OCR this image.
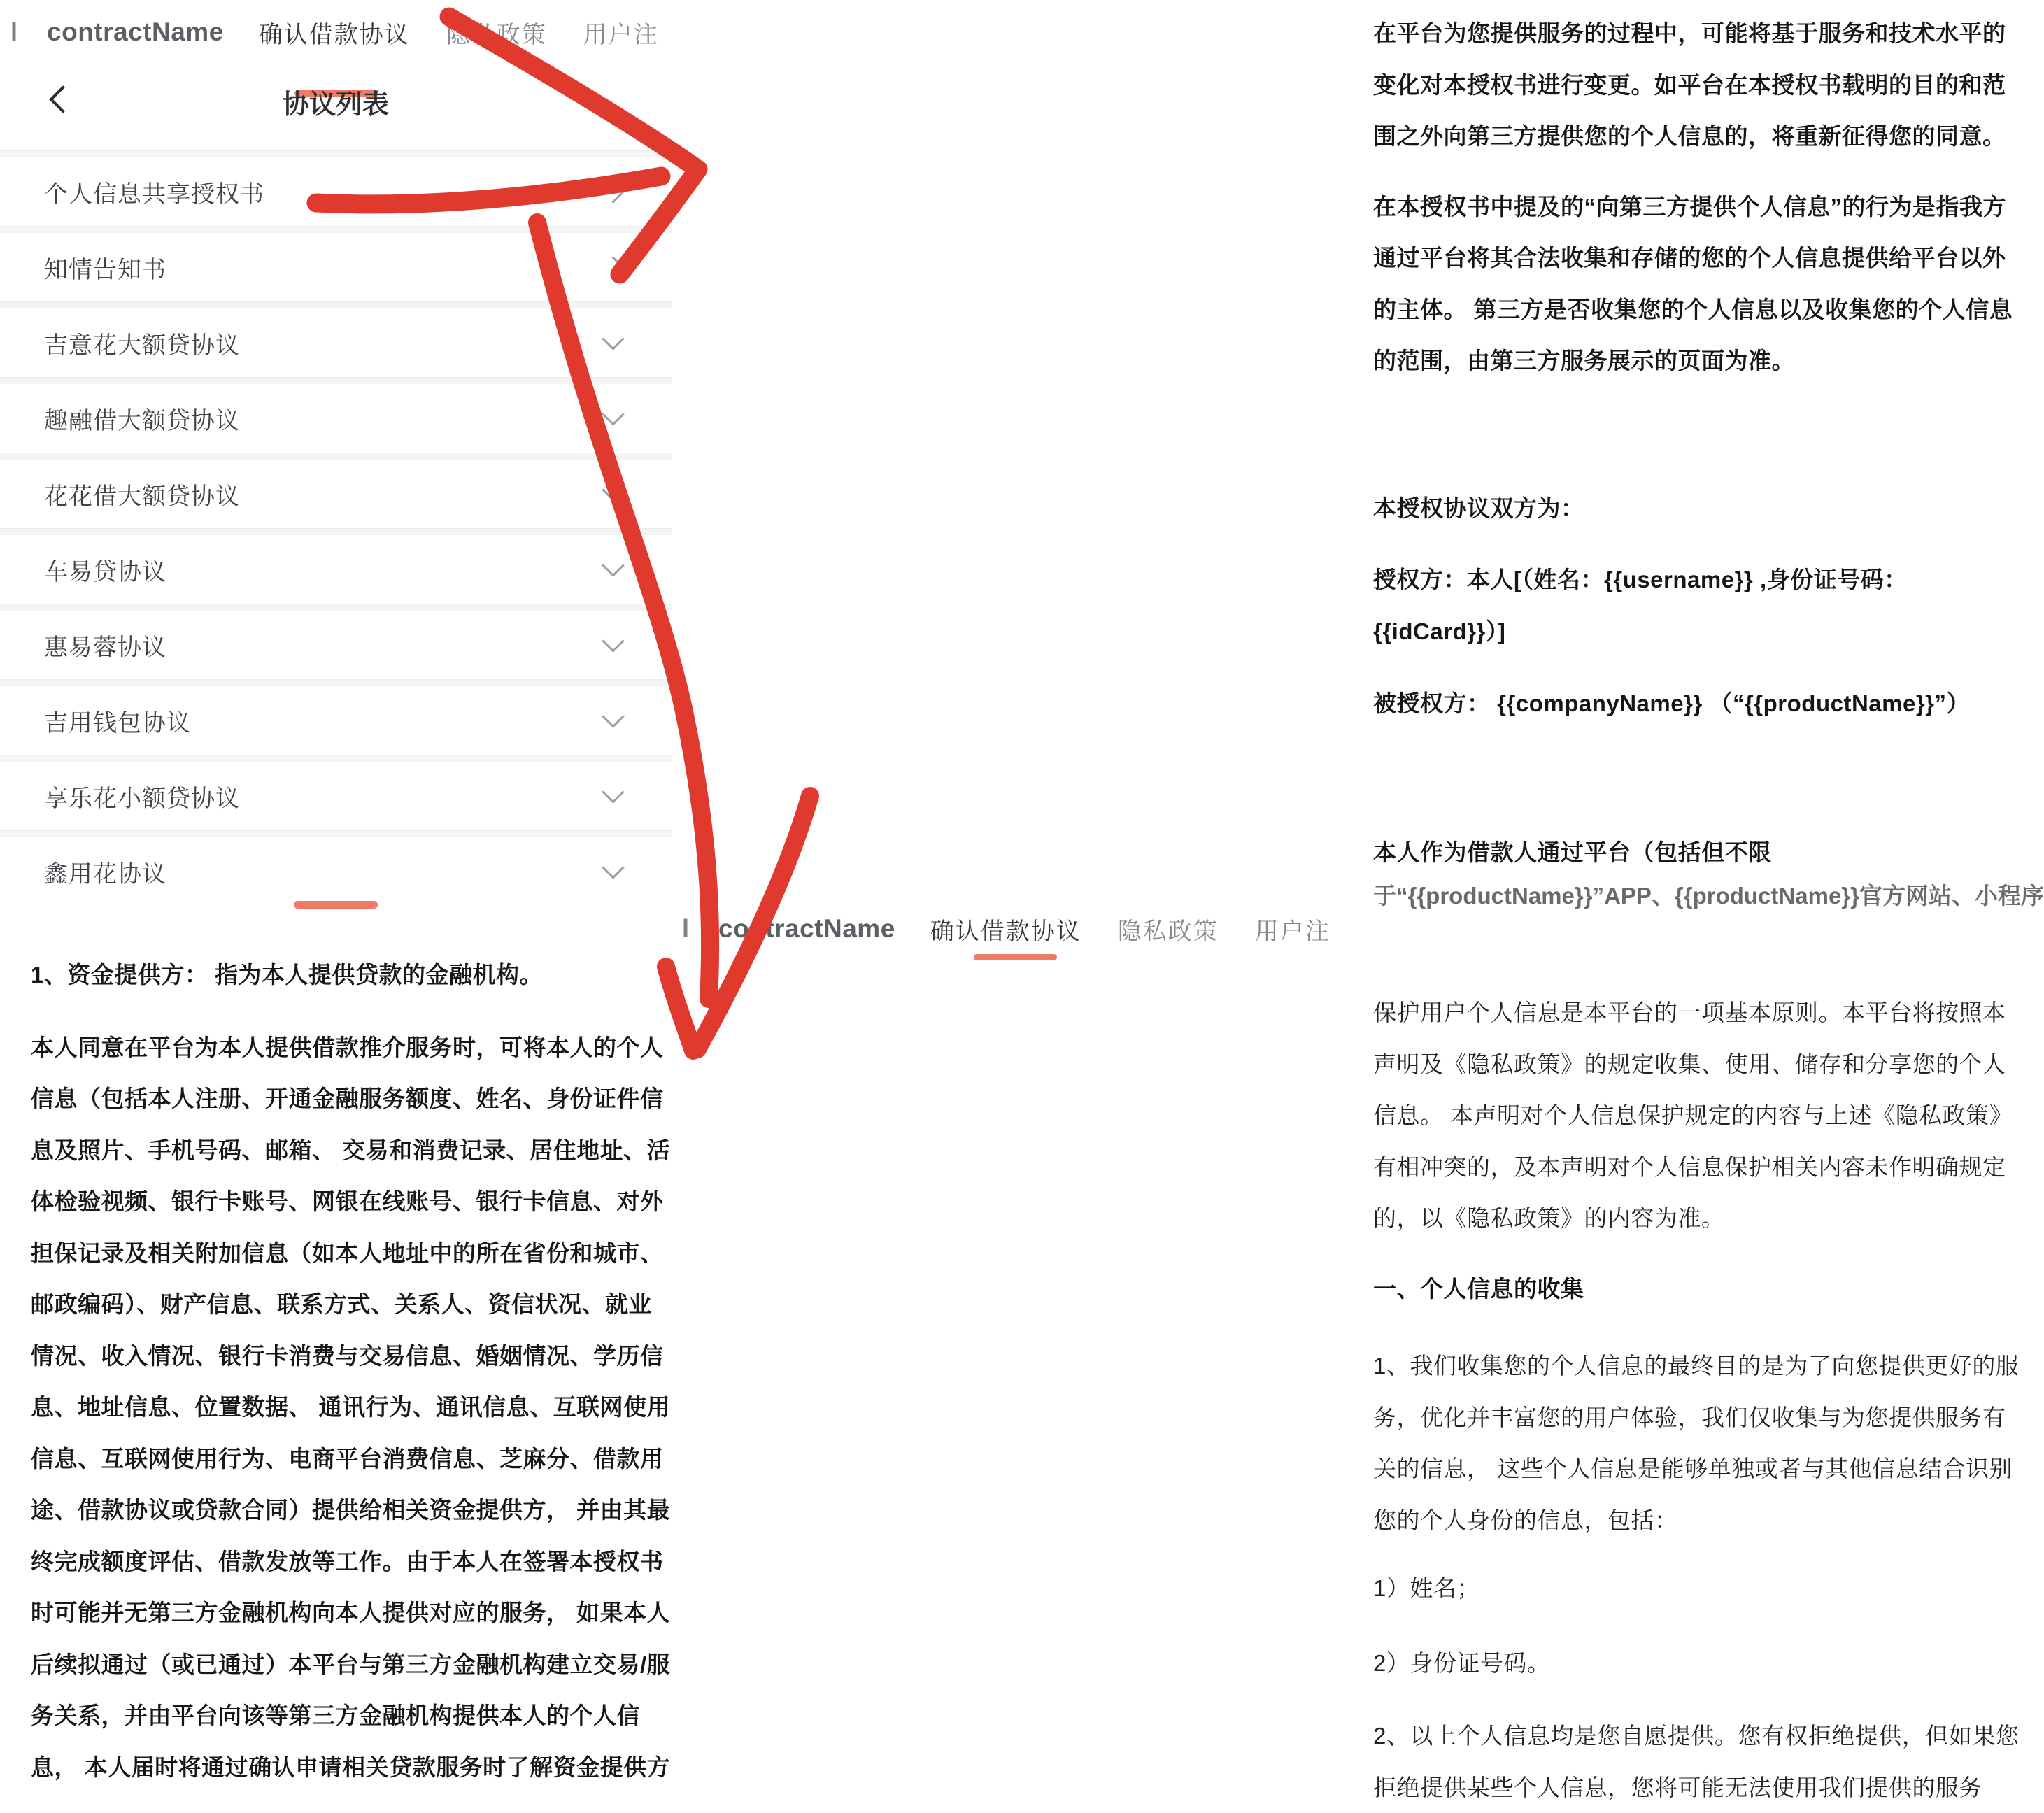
l contractName 确认借款协议 隐私政策 用户注
协议列表
个人信息共享授权书
知情告知书
吉意花大额贷协议
趣融借大额贷协议
花花借大额贷协议
车易贷协议
惠易蓉协议
吉用钱包协议
享乐花小额贷协议
鑫用花协议
1、资金提供方： 指为本人提供贷款的金融机构。
本人同意在平台为本人提供借款推介服务时，可将本人的个人
信息（包括本人注册、开通金融服务额度、姓名、身份证件信
息及照片、手机号码、邮箱、 交易和消费记录、居住地址、活
体检验视频、银行卡账号、网银在线账号、银行卡信息、对外
担保记录及相关附加信息（如本人地址中的所在省份和城市、
邮政编码）、财产信息、联系方式、关系人、资信状况、就业
情况、收入情况、银行卡消费与交易信息、婚姻情况、学历信
息、地址信息、位置数据、 通讯行为、通讯信息、互联网使用
信息、互联网使用行为、电商平台消费信息、芝麻分、借款用
途、借款协议或贷款合同）提供给相关资金提供方， 并由其最
终完成额度评估、借款发放等工作。由于本人在签署本授权书
时可能并无第三方金融机构向本人提供对应的服务， 如果本人
后续拟通过（或已通过）本平台与第三方金融机构建立交易/服
务关系，并由平台向该等第三方金融机构提供本人的个人信
息， 本人届时将通过确认申请相关贷款服务时了解资金提供方
在平台为您提供服务的过程中，可能将基于服务和技术水平的
变化对本授权书进行变更。如平台在本授权书载明的目的和范
围之外向第三方提供您的个人信息的，将重新征得您的同意。
在本授权书中提及的“向第三方提供个人信息”的行为是指我方
通过平台将其合法收集和存储的您的个人信息提供给平台以外
的主体。 第三方是否收集您的个人信息以及收集您的个人信息
的范围，由第三方服务展示的页面为准。
本授权协议双方为：
授权方：本人[（姓名：{{username}} ,身份证号码：
{{idCard}}）]
被授权方： {{companyName}} （“{{productName}}”）
本人作为借款人通过平台（包括但不限
于“{{productName}}”APP、{{productName}}官方网站、小程序
l contractName 确认借款协议 隐私政策 用户注
保护用户个人信息是本平台的一项基本原则。本平台将按照本
声明及《隐私政策》的规定收集、使用、储存和分享您的个人
信息。 本声明对个人信息保护规定的内容与上述《隐私政策》
有相冲突的，及本声明对个人信息保护相关内容未作明确规定
的，以《隐私政策》的内容为准。
一、个人信息的收集
1、我们收集您的个人信息的最终目的是为了向您提供更好的服
务，优化并丰富您的用户体验，我们仅收集与为您提供服务有
关的信息， 这些个人信息是能够单独或者与其他信息结合识别
您的个人身份的信息，包括：
1）姓名；
2）身份证号码。
2、以上个人信息均是您自愿提供。您有权拒绝提供，但如果您
拒绝提供某些个人信息，您将可能无法使用我们提供的服务
